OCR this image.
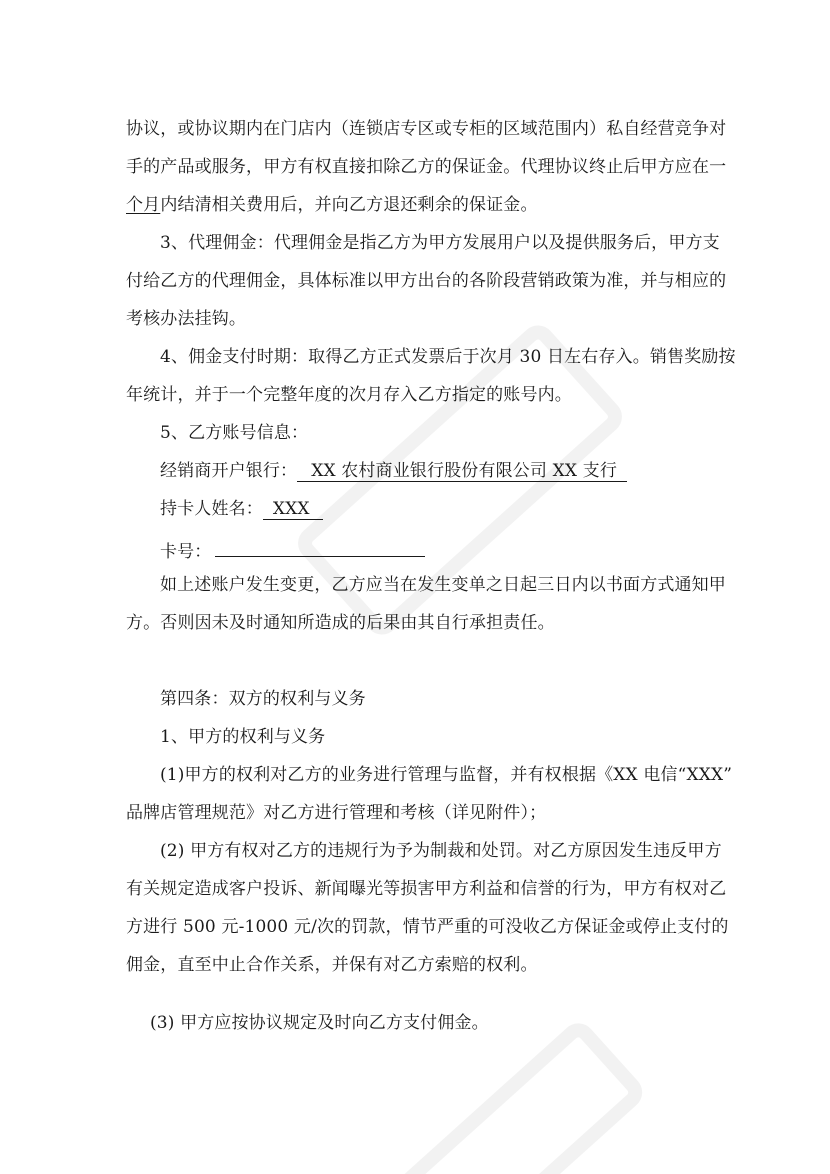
协议，或协议期内在门店内（连锁店专区或专柜的区域范围内）私自经营竞争对
手的产品或服务，甲方有权直接扣除乙方的保证金。代理协议终止后甲方应在一
个月内结清相关费用后，并向乙方退还剩余的保证金。
3、代理佣金：代理佣金是指乙方为甲方发展用户以及提供服务后，甲方支
付给乙方的代理佣金，具体标准以甲方出台的各阶段营销政策为准，并与相应的
考核办法挂钩。
4、佣金支付时期：取得乙方正式发票后于次月 30 日左右存入。销售奖励按
年统计，并于一个完整年度的次月存入乙方指定的账号内。
5、乙方账号信息：
经销商开户银行： XX 农村商业银行股份有限公司 XX 支行
持卡人姓名： XXX
卡号：
如上述账户发生变更，乙方应当在发生变单之日起三日内以书面方式通知甲
方。否则因未及时通知所造成的后果由其自行承担责任。
第四条：双方的权利与义务
1、甲方的权利与义务
(1)甲方的权利对乙方的业务进行管理与监督，并有权根据《XX 电信“XXX”
品牌店管理规范》对乙方进行管理和考核（详见附件）；
(2) 甲方有权对乙方的违规行为予为制裁和处罚。对乙方原因发生违反甲方
有关规定造成客户投诉、新闻曝光等损害甲方利益和信誉的行为，甲方有权对乙
方进行 500 元-1000 元/次的罚款，情节严重的可没收乙方保证金或停止支付的
佣金，直至中止合作关系，并保有对乙方索赔的权利。
(3) 甲方应按协议规定及时向乙方支付佣金。
